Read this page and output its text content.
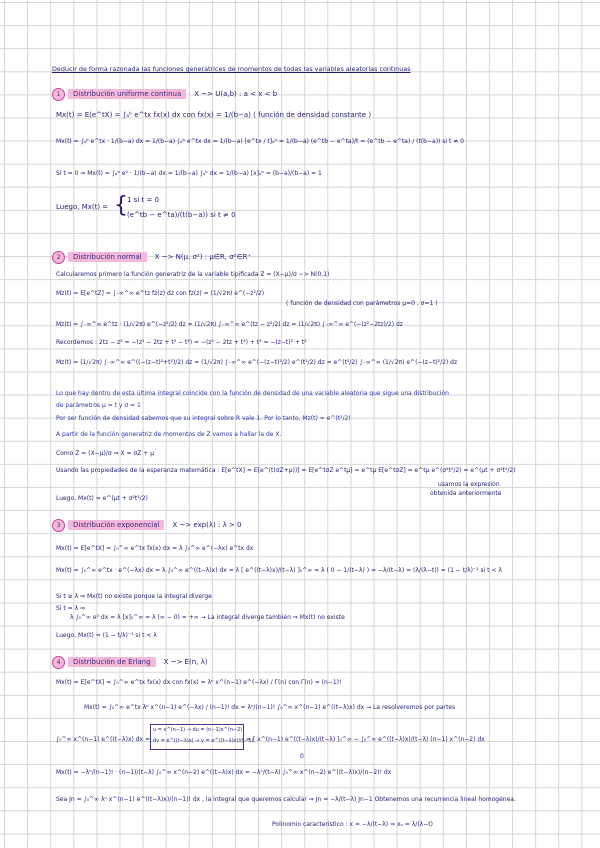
Deducir de forma razonada las funciones generatrices de momentos de todas las variables aleatorias continuas
1	Distribución uniforme continua	X ~> U(a,b) : a < x < b
Mx(t) = E(e^tX) = ∫ₐᵇ e^tx fx(x) dx con fx(x) = 1/(b−a) ( función de densidad constante )
Mx(t) = ∫ₐᵇ e^tx · 1/(b−a) dx = 1/(b−a) ∫ₐᵇ e^tx dx = 1/(b−a) [e^tx / t]ₐᵇ = 1/(b−a) (e^tb − e^ta)/t = (e^tb − e^ta) / (t(b−a)) si t ≠ 0
Si t = 0 ⇒ Mx(t) = ∫ₐᵇ e⁰ · 1/(b−a) dx = 1/(b−a) ∫ₐᵇ dx = 1/(b−a) [x]ₐᵇ = (b−a)/(b−a) = 1
Luego, Mx(t) = { 1 si t = 0
(e^tb − e^ta)/(t(b−a)) si t ≠ 0
2	Distribución normal	X ~> N(μ, σ²) : μ∈R, σ²∈R⁺
Calcularemos primero la función generatriz de la variable tipificada Z = (X−μ)/σ ~> N(0,1)
Mz(t) = E[e^tZ] = ∫₋∞^∞ e^tz fz(z) dz con fz(z) = (1/√2π) e^(−z²/2)
( función de densidad con parámetros μ=0 , σ=1 )
Mz(t) = ∫₋∞^∞ e^tz · (1/√2π) e^(−z²/2) dz = (1/√2π) ∫₋∞^∞ e^(tz − z²/2) dz = (1/√2π) ∫₋∞^∞ e^(−(z²−2tz)/2) dz
Recordemos : 2tz − z² = −(z² − 2tz + t² − t²) = −(z² − 2tz + t²) + t² = −(z−t)² + t²
Mz(t) = (1/√2π) ∫₋∞^∞ e^((−(z−t)²+t²)/2) dz = (1/√2π) ∫₋∞^∞ e^(−(z−t)²/2) e^(t²/2) dz = e^(t²/2) ∫₋∞^∞ (1/√2π) e^(−(z−t)²/2) dz
Lo que hay dentro de esta última integral coincide con la función de densidad de una variable aleatoria que sigue una distribución
de parámetros μ = t y σ = 1
Por ser función de densidad sabemos que su integral sobre R vale 1. Por lo tanto, Mz(t) = e^(t²/2)
A partir de la función generatriz de momentos de Z vamos a hallar la de X.
Como Z = (X−μ)/σ ⇒ X = σZ + μ
Usando las propiedades de la esperanza matemática : E[e^tX] = E[e^(t(σZ+μ))] = E[e^tσZ e^tμ] = e^tμ E[e^tσZ] = e^tμ e^(σ²t²/2) = e^(μt + σ²t²/2)
usamos la expresión
obtenida anteriormente
Luego, Mx(t) = e^(μt + σ²t²/2)
3	Distribución exponencial	X ~> exp(λ) : λ > 0
Mx(t) = E[e^tX] = ∫₀^∞ e^tx fx(x) dx = λ ∫₀^∞ e^(−λx) e^tx dx
Mx(t) = ∫₀^∞ e^tx · e^(−λx) dx = λ ∫₀^∞ e^((t−λ)x) dx = λ [ e^((t−λ)x)/(t−λ) ]₀^∞ = λ ( 0 − 1/(t−λ) ) = −λ/(t−λ) = (λ/(λ−t)) = (1 − t/λ)⁻¹ si t < λ
Si t ≥ λ ⇒ Mx(t) no existe porque la integral diverge
Si t = λ ⇒
λ ∫₀^∞ e⁰ dx = λ [x]₀^∞ = λ (∞ − 0) = +∞ → La integral diverge también ⇒ Mx(t) no existe
Luego, Mx(t) = (1 − t/λ)⁻¹ si t < λ
4	Distribución de Erlang	X ~> E(n, λ)
Mx(t) = E[e^tX] = ∫₀^∞ e^tx fx(x) dx con fx(x) = λⁿ x^(n−1) e^(−λx) / Γ(n) con Γ(n) = (n−1)!
Mx(t) = ∫₀^∞ e^tx λⁿ x^(n−1) e^(−λx) / (n−1)! dx = λⁿ/(n−1)! ∫₀^∞ x^(n−1) e^((t−λ)x) dx → La resolveremos por partes
∫₀^∞ x^(n−1) e^((t−λ)x) dx =
u = x^(n−1) → du = (n−1)x^(n−2)
dv = e^((t−λ)x) → v = e^((t−λ)x)/(t−λ)
= [ x^(n−1) e^((t−λ)x)/(t−λ) ]₀^∞ − ∫₀^∞ e^((t−λ)x)/(t−λ) (n−1) x^(n−2) dx
0
Mx(t) = −λⁿ/(n−1)! · (n−1)/(t−λ) ∫₀^∞ x^(n−2) e^((t−λ)x) dx = −λⁿ/(t−λ) ∫₀^∞ x^(n−2) e^((t−λ)x)/(n−2)! dx
Sea Jn = ∫₀^∞ λⁿ x^(n−1) e^((t−λ)x)/(n−1)! dx , la integral que queremos calcular ⇒ Jn = −λ/(t−λ) Jn−1 Obtenemos una recurrencia lineal homogénea.
Polinomio característico : x = −λ/(t−λ) ⇒ xₙ = λ/(λ−t)
